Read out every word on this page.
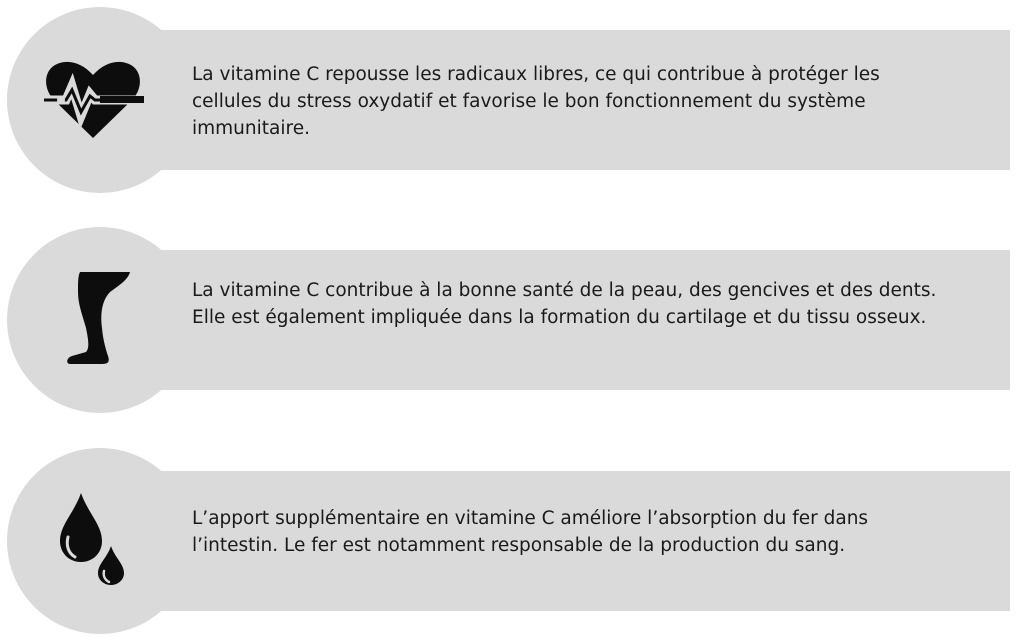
La vitamine C repousse les radicaux libres, ce qui contribue à protéger les cellules du stress oxydatif et favorise le bon fonctionnement du système immunitaire.
La vitamine C contribue à la bonne santé de la peau, des gencives et des dents. Elle est également impliquée dans la formation du cartilage et du tissu osseux.
L’apport supplémentaire en vitamine C améliore l’absorption du fer dans l’intestin. Le fer est notamment responsable de la production du sang.
